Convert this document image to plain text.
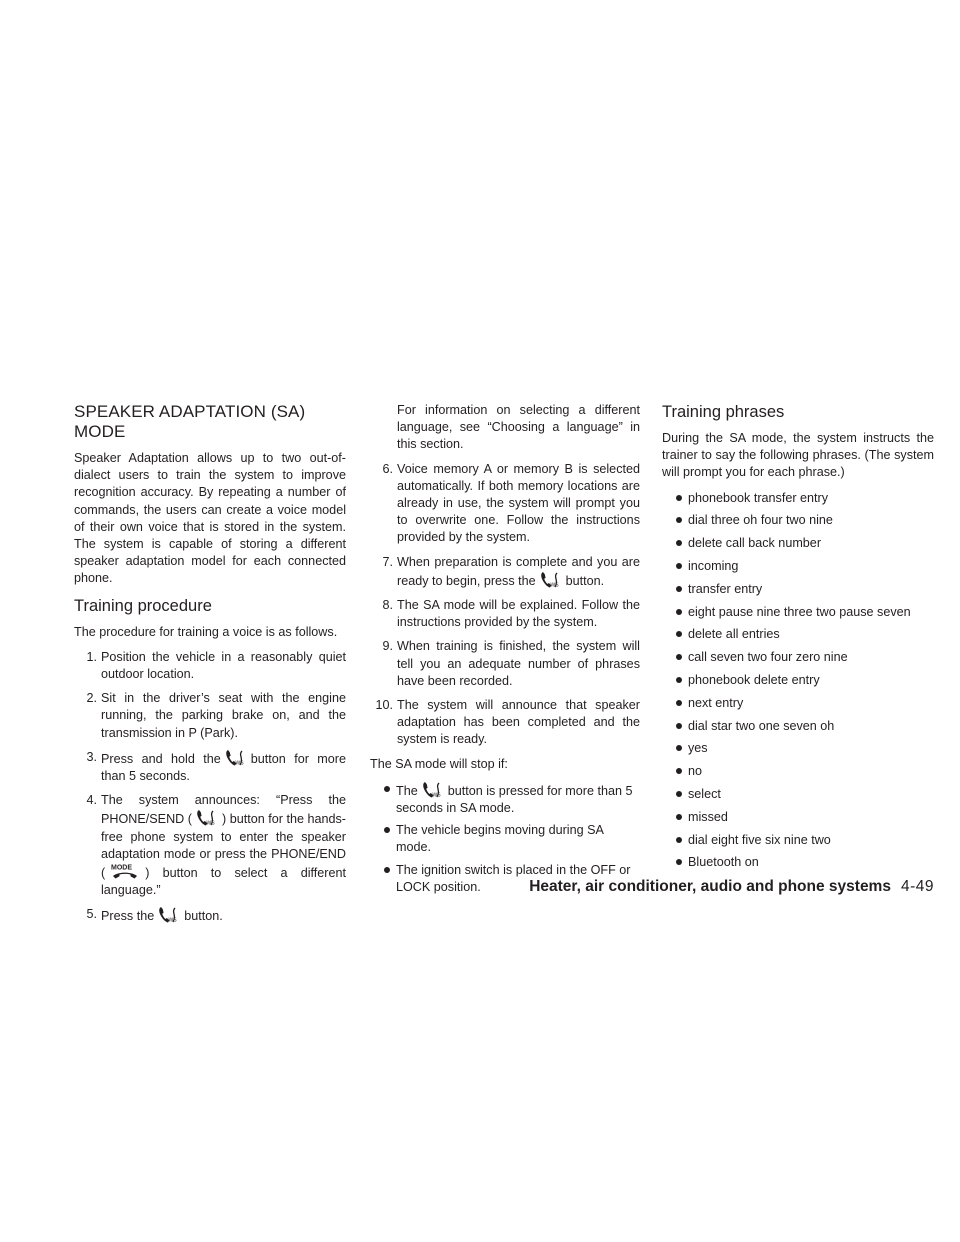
SPEAKER ADAPTATION (SA) MODE

Speaker Adaptation allows up to two out-of-dialect users to train the system to improve recognition accuracy. By repeating a number of commands, the users can create a voice model of their own voice that is stored in the system. The system is capable of storing a different speaker adaptation model for each connected phone.

Training procedure

The procedure for training a voice is as follows.

1. Position the vehicle in a reasonably quiet outdoor location.
2. Sit in the driver’s seat with the engine running, the parking brake on, and the transmission in P (Park).
3. Press and hold the button for more than 5 seconds.
4. The system announces: “Press the PHONE/SEND ( ) button for the hands-free phone system to enter the speaker adaptation mode or press the PHONE/END (	) button to select a different language.”
5. Press the button.

For information on selecting a different language, see “Choosing a language” in this section.

6. Voice memory A or memory B is selected automatically. If both memory locations are already in use, the system will prompt you to overwrite one. Follow the instructions provided by the system.
7. When preparation is complete and you are ready to begin, press the button.
8. The SA mode will be explained. Follow the instructions provided by the system.
9. When training is finished, the system will tell you an adequate number of phrases have been recorded.
10. The system will announce that speaker adaptation has been completed and the system is ready.

The SA mode will stop if:

The button is pressed for more than 5 seconds in SA mode.
The vehicle begins moving during SA mode.
The ignition switch is placed in the OFF or LOCK position.
Training phrases

During the SA mode, the system instructs the trainer to say the following phrases. (The system will prompt you for each phrase.)

phonebook transfer entry
dial three oh four two nine
delete call back number
incoming
transfer entry
eight pause nine three two pause seven
delete all entries
call seven two four zero nine
phonebook delete entry
next entry
dial star two one seven oh
yes
no
select
missed
dial eight five six nine two
Bluetooth on
Heater, air conditioner, audio and phone systems 4-49
